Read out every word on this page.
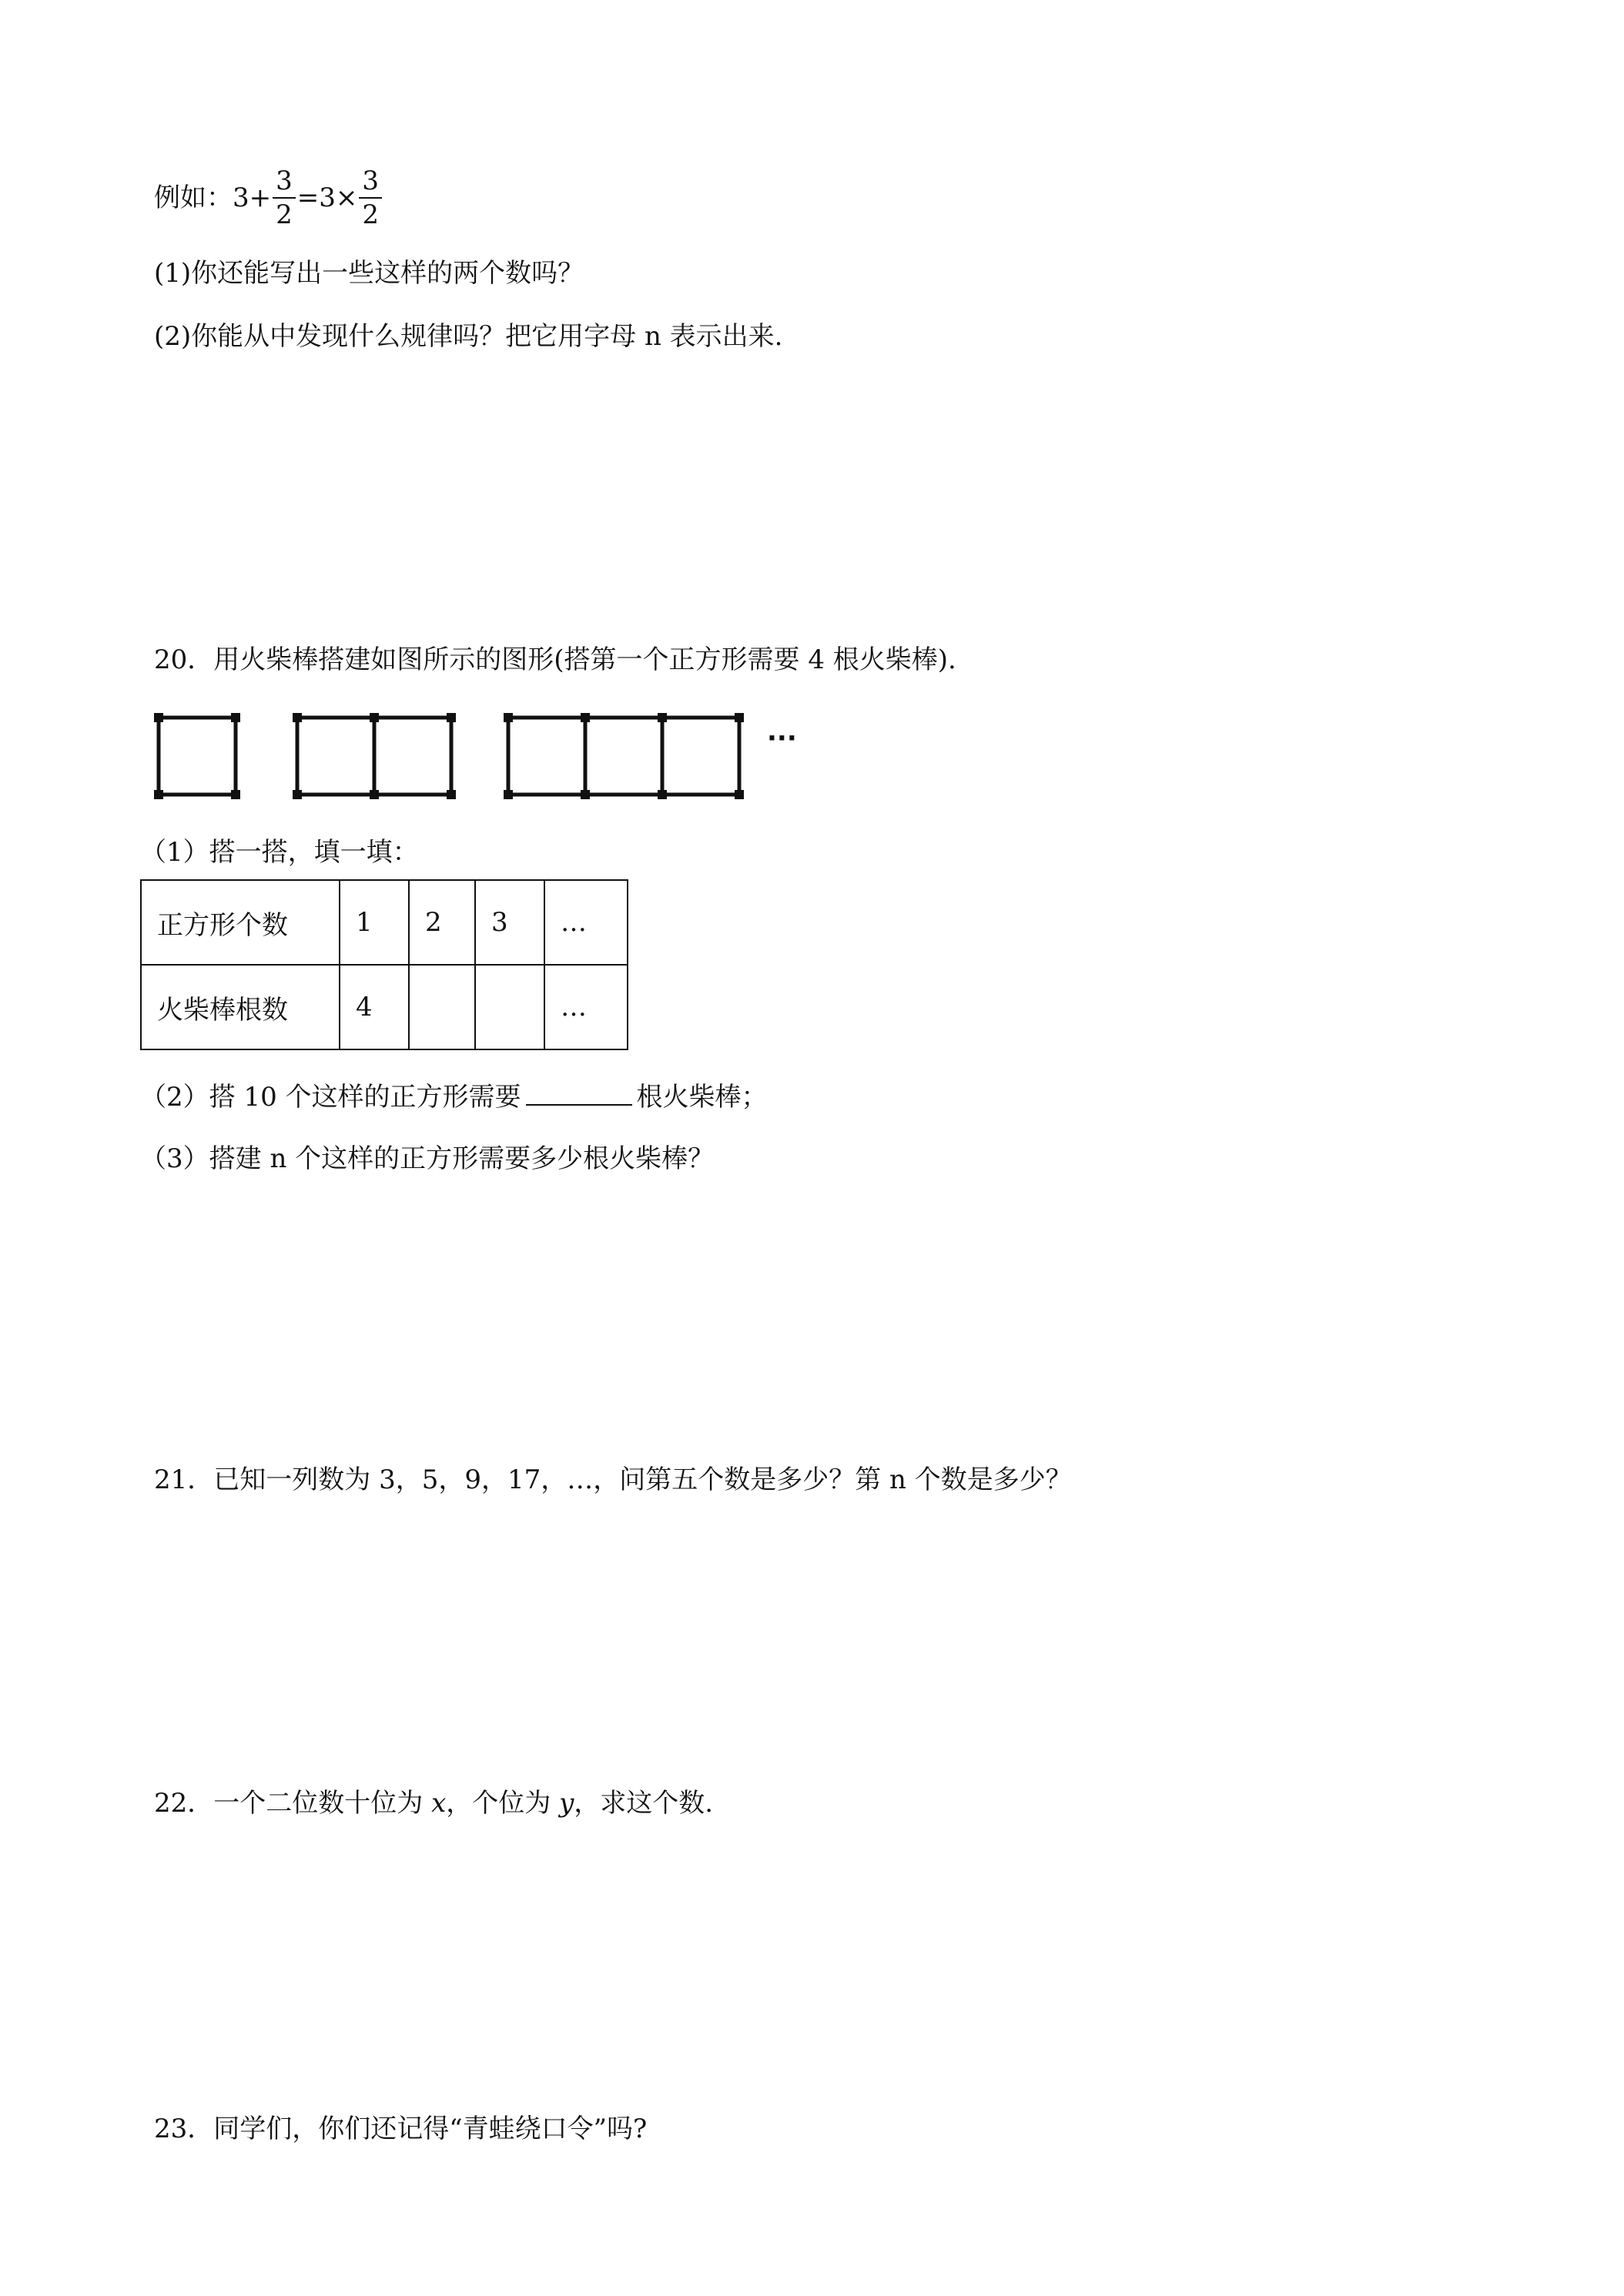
例如：$3+ \frac{3}{2} =3\times \frac{3}{2}$
(1)你还能写出一些这样的两个数吗？
(2)你能从中发现什么规律吗？把它用字母 n 表示出来.
20．用火柴棒搭建如图所示的图形(搭第一个正方形需要 4 根火柴棒).
···
（1）搭一搭，填一填：
正方形个数	1	2	3	…
火柴棒根数	4			…
（2）搭 10 个这样的正方形需要	根火柴棒；
（3）搭建 n 个这样的正方形需要多少根火柴棒？
21．已知一列数为 3，5，9，17，…，问第五个数是多少？第 n 个数是多少？
22．一个二位数十位为 x，个位为 y，求这个数.
23．同学们，你们还记得“青蛙绕口令”吗?
